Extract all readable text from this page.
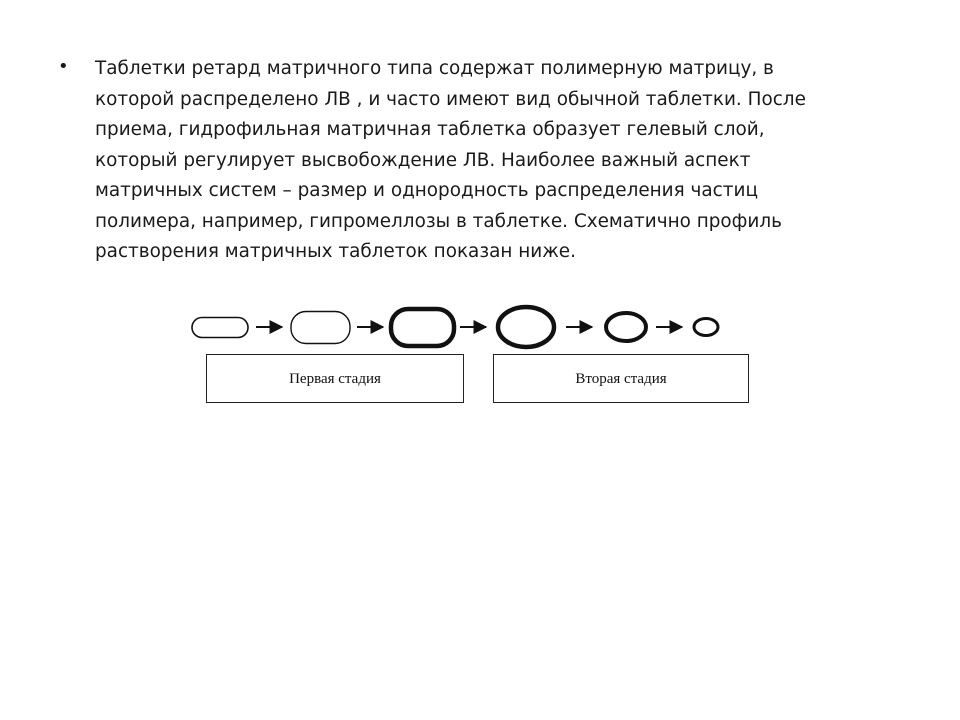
• Таблетки ретард матричного типа содержат полимерную матрицу, в
которой распределено ЛВ , и часто имеют вид обычной таблетки. После
приема, гидрофильная матричная таблетка образует гелевый слой,
который регулирует высвобождение ЛВ. Наиболее важный аспект
матричных систем – размер и однородность распределения частиц
полимера, например, гипромеллозы в таблетке. Схематично профиль
растворения матричных таблеток показан ниже.

Первая стадия	Вторая стадия
